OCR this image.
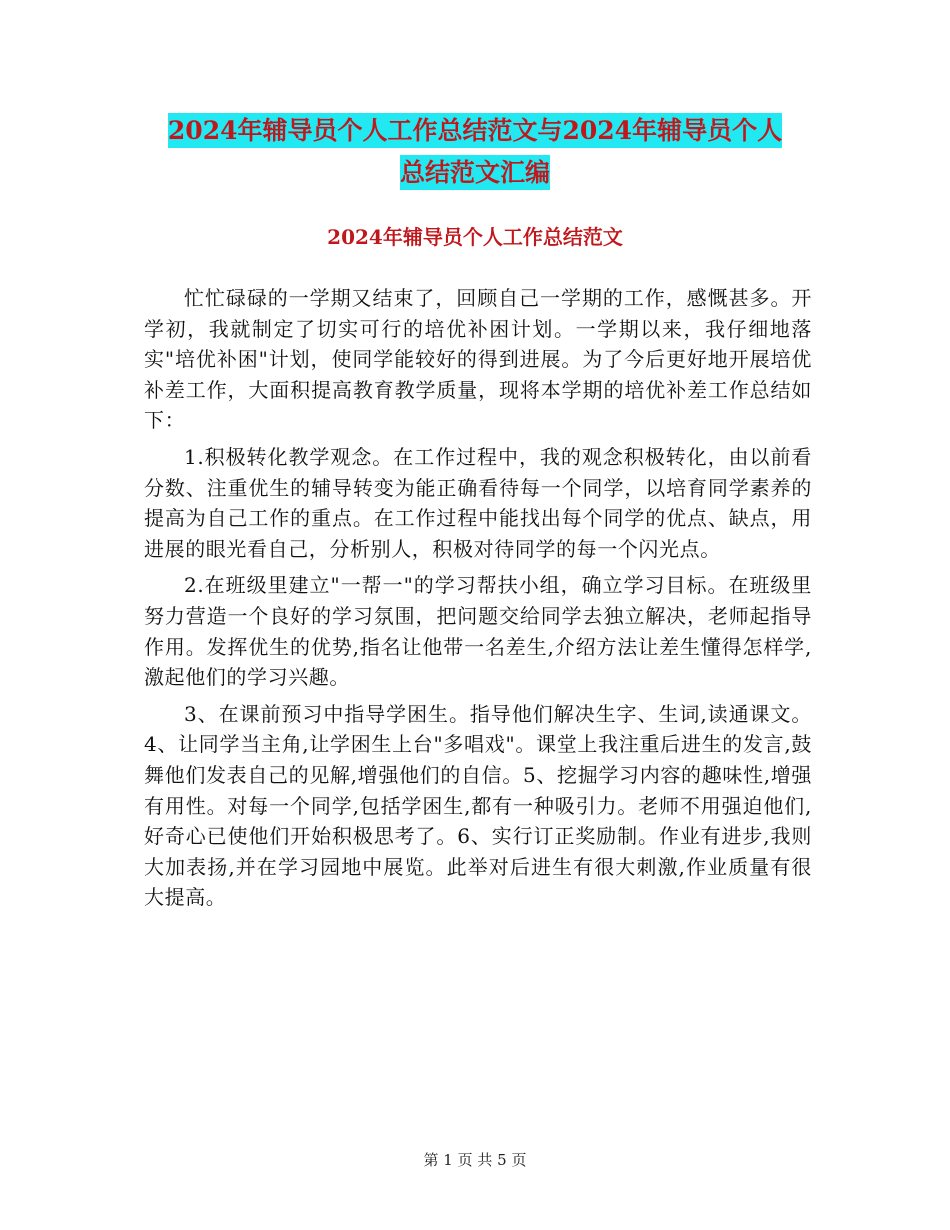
2024年辅导员个人工作总结范文与2024年辅导员个人
总结范文汇编
2024年辅导员个人工作总结范文

忙忙碌碌的一学期又结束了，回顾自己一学期的工作，感慨甚多。开学初，我就制定了切实可行的培优补困计划。一学期以来，我仔细地落实"培优补困"计划，使同学能较好的得到进展。为了今后更好地开展培优补差工作，大面积提高教育教学质量，现将本学期的培优补差工作总结如下：

1.积极转化教学观念。在工作过程中，我的观念积极转化，由以前看分数、注重优生的辅导转变为能正确看待每一个同学，以培育同学素养的提高为自己工作的重点。在工作过程中能找出每个同学的优点、缺点，用进展的眼光看自己，分析别人，积极对待同学的每一个闪光点。

2.在班级里建立"一帮一"的学习帮扶小组，确立学习目标。在班级里努力营造一个良好的学习氛围，把问题交给同学去独立解决，老师起指导作用。发挥优生的优势,指名让他带一名差生,介绍方法让差生懂得怎样学,激起他们的学习兴趣。

3、在课前预习中指导学困生。指导他们解决生字、生词,读通课文。4、让同学当主角,让学困生上台"多唱戏"。课堂上我注重后进生的发言,鼓舞他们发表自己的见解,增强他们的自信。5、挖掘学习内容的趣味性,增强有用性。对每一个同学,包括学困生,都有一种吸引力。老师不用强迫他们,好奇心已使他们开始积极思考了。6、实行订正奖励制。作业有进步,我则大加表扬,并在学习园地中展览。此举对后进生有很大刺激,作业质量有很大提高。

第 1 页 共 5 页
